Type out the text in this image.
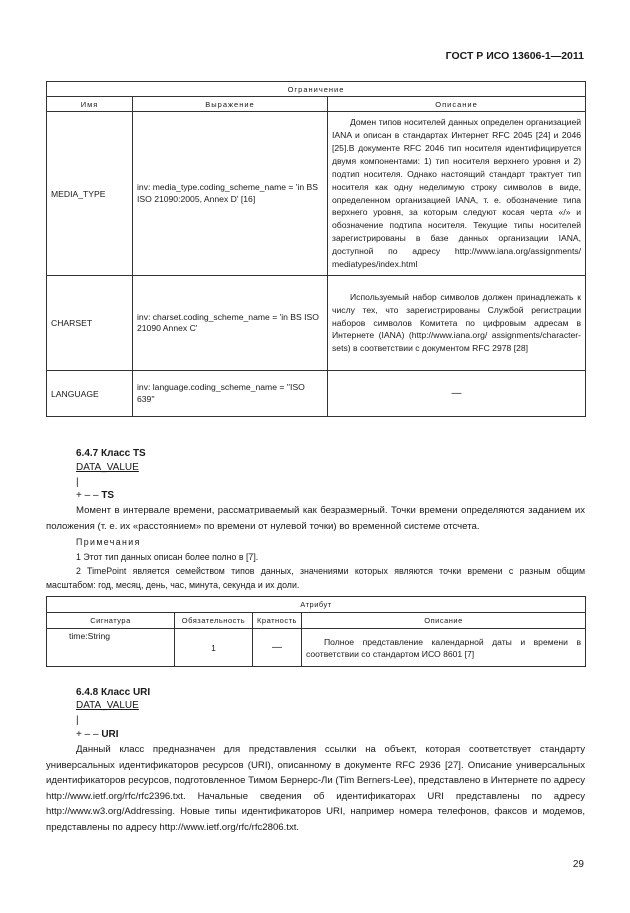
ГОСТ Р ИСО 13606-1—2011
Ограничение		
Имя	Выражение	Описание
MEDIA_TYPE	inv: media_type.coding_scheme_name = 'in BS ISO 21090:2005, Annex D' [16]	Домен типов носителей данных определен организацией IANA и описан в стандартах Интернет RFC 2045 [24] и 2046 [25].В документе RFC 2046 тип носителя идентифицируется двумя компонентами: 1) тип носителя верхнего уровня и 2) подтип носителя. Однако настоящий стандарт трактует тип носителя как одну неделимую строку символов в виде, определенном организацией IANA, т. е. обозначение типа верхнего уровня, за которым следуют косая черта «/» и обозначение подтипа носителя. Текущие типы носителей зарегистрированы в базе данных организации IANA, доступной по адресу http://www.iana.org/assignments/ mediatypes/index.html
CHARSET	inv: charset.coding_scheme_name = 'in BS ISO 21090 Annex C'	Используемый набор символов должен принадлежать к числу тех, что зарегистрированы Службой регистрации наборов символов Комитета по цифровым адресам в Интернете (IANA) (http://www.iana.org/ assignments/character-sets) в соответствии с документом RFC 2978 [28]
LANGUAGE	inv: language.coding_scheme_name = ''ISO 639''	—
6.4.7 Класс TS
DATA_VALUE
|
+ – – TS
Момент в интервале времени, рассматриваемый как безразмерный. Точки времени определяются заданием их положения (т. е. их «расстоянием» по времени от нулевой точки) во временной системе отсчета.
Примечания
1 Этот тип данных описан более полно в [7].
2 TimePoint является семейством типов данных, значениями которых являются точки времени с разным общим масштабом: год, месяц, день, час, минута, секунда и их доли.
Атрибут			
Сигнатура	Обязательность	Кратность	Описание
time:String	1	—	Полное представление календарной даты и времени в соответствии со стандартом ИСО 8601 [7]
6.4.8 Класс URI
DATA_VALUE
|
+ – – URI
Данный класс предназначен для представления ссылки на объект, которая соответствует стандарту универсальных идентификаторов ресурсов (URI), описанному в документе RFC 2936 [27]. Описание универсальных идентификаторов ресурсов, подготовленное Тимом Бернерс-Ли (Tim Berners-Lee), представлено в Интернете по адресу http://www.ietf.org/rfc/rfc2396.txt. Начальные сведения об идентификаторах URI представлены по адресу http://www.w3.org/Addressing. Новые типы идентификаторов URI, например номера телефонов, факсов и модемов, представлены по адресу http://www.ietf.org/rfc/rfc2806.txt.
29
